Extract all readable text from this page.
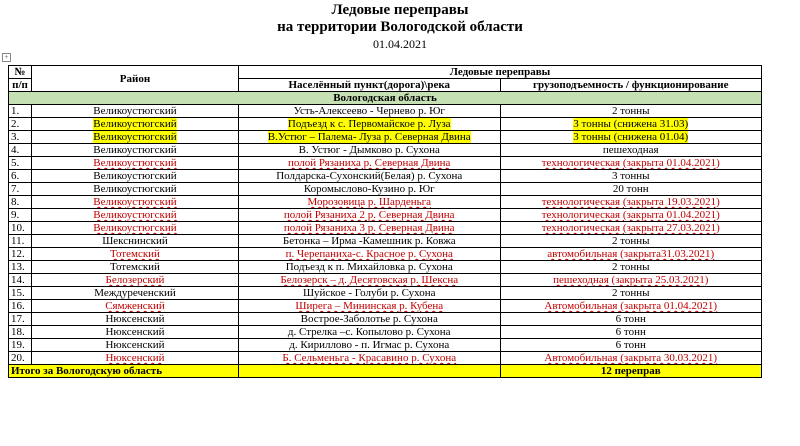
Ледовые переправы
на территории Вологодской области
01.04.2021
+
№	Район	Ледовые переправы	
п/п		Населённый пункт(дорога)\река	грузоподъемность / функционирование
Вологодская область			
1.	Великоустюгский	Усть-Алексеево - Черневo р. Юг	2 тонны
2.	Великоустюгский	Подъезд к с. Первомайское р. Луза	3 тонны (снижена 31.03)
3.	Великоустюгский	В.Устюг – Палема- Луза р. Северная Двина	3 тонны (снижена 01.04)
4.	Великоустюгский	В. Устюг - Дымково р. Сухона	пешеходная
5.	Великоустюгский	полой Рязаниха р. Северная Двина	технологическая (закрыта 01.04.2021)
6.	Великоустюгский	Полдарска-Сухонский(Белая) р. Сухона	3 тонны
7.	Великоустюгский	Коромыслово-Кузино р. Юг	20 тонн
8.	Великоустюгский	Морозовица р. Шарденьга	технологическая (закрыта 19.03.2021)
9.	Великоустюгский	полой Рязаниха 2 р. Северная Двина	технологическая (закрыта 01.04.2021)
10.	Великоустюгский	полой Рязаниха 3 р. Северная Двина	технологическая (закрыта 27.03.2021)
11.	Шекснинский	Бетонка – Ирма -Камешник р. Ковжа	2 тонны
12.	Тотемский	п. Черепаниха-с. Красное р. Сухона	автомобильная (закрыта31.03.2021)
13.	Тотемский	Подъезд к п. Михайловка р. Сухона	2 тонны
14.	Белозерский	Белозерск – д. Десятовская р. Шексна	пешеходная (закрыта 25.03.2021)
15.	Междуреченский	Шуйское - Голуби р. Сухона	2 тонны
16.	Сямженский	Ширега – Мининская р. Кубена	Автомобильная (закрыта 01.04.2021)
17.	Нюксенский	Вострое-Заболотье р. Сухона	6 тонн
18.	Нюксенский	д. Стрелка –с. Копылово р. Сухона	6 тонн
19.	Нюксенский	д. Кириллово - п. Игмас р. Сухона	6 тонн
20.	Нюксенский	Б. Сельменьга - Красавино р. Сухона	Автомобильная (закрыта 30.03.2021)
Итого за Вологодскую область			12 переправ
